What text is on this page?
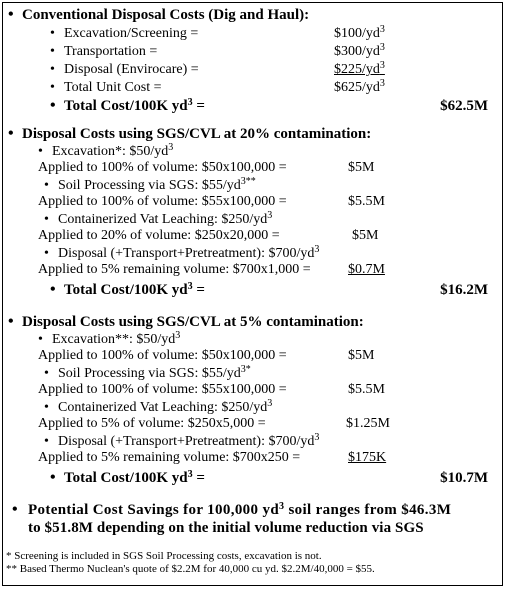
• Conventional Disposal Costs (Dig and Haul):
• Excavation/Screening =	$\$100/yd^3$
• Transportation =	$\$300/yd^3$
• Disposal (Envirocare) =	$\$225/yd^3$
• Total Unit Cost =	$\$625/yd^3$
• Total Cost/100K $yd^3$ =	$62.5M
• Disposal Costs using SGS/CVL at 20% contamination:
• Excavation*: $\$50/yd^3$
Applied to 100% of volume: $50x100,000 =	$5M
• Soil Processing via SGS: $\$55/yd^{3**}$
Applied to 100% of volume: $55x100,000 =	$5.5M
• Containerized Vat Leaching: $\$250/yd^3$
Applied to 20% of volume: $250x20,000 =	$5M
• Disposal (+Transport+Pretreatment): $\$700/yd^3$
Applied to 5% remaining volume: $700x1,000 =	$0.7M
• Total Cost/100K $yd^3$ =	$16.2M
• Disposal Costs using SGS/CVL at 5% contamination:
• Excavation**: $\$50/yd^3$
Applied to 100% of volume: $50x100,000 =	$5M
• Soil Processing via SGS: $\$55/yd^{3*}$
Applied to 100% of volume: $55x100,000 =	$5.5M
• Containerized Vat Leaching: $\$250/yd^3$
Applied to 5% of volume: $250x5,000 =	$1.25M
• Disposal (+Transport+Pretreatment): $\$700/yd^3$
Applied to 5% remaining volume: $700x250 =	$175K
• Total Cost/100K $yd^3$ =	$10.7M
• Potential Cost Savings for 100,000 $yd^3$ soil ranges from $46.3M
to $51.8M depending on the initial volume reduction via SGS
* Screening is included in SGS Soil Processing costs, excavation is not.
** Based Thermo Nuclean's quote of $2.2M for 40,000 cu yd. $2.2M/40,000 = $55.
